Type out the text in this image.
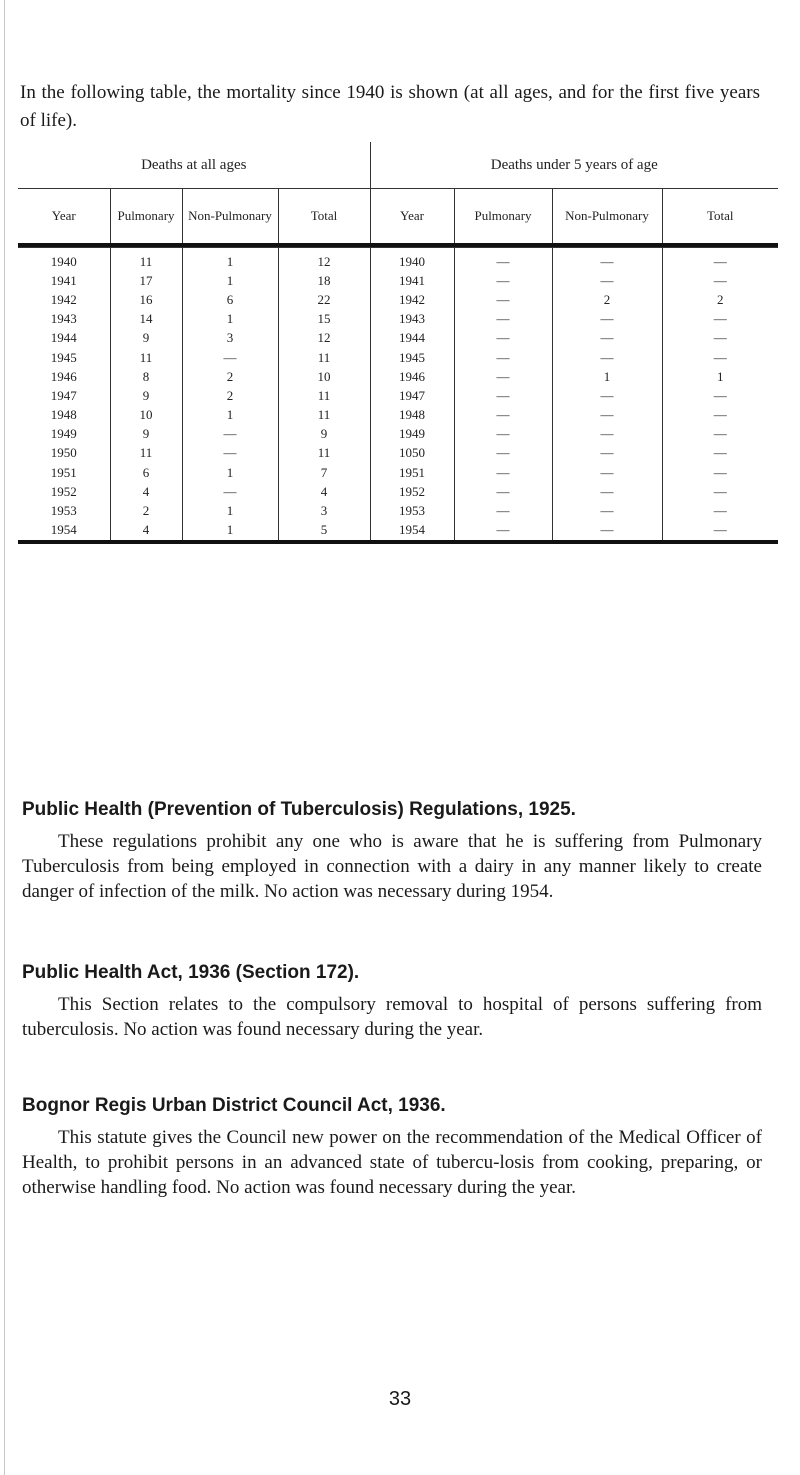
In the following table, the mortality since 1940 is shown (at all ages, and for the first five years of life).

Deaths at all ages				Deaths under 5 years of age			
Year	Pulmonary	Non-Pulmonary	Total	Year	Pulmonary	Non-Pulmonary	Total
1940	11	1	12	1940	—	—	—
1941	17	1	18	1941	—	—	—
1942	16	6	22	1942	—	2	2
1943	14	1	15	1943	—	—	—
1944	9	3	12	1944	—	—	—
1945	11	—	11	1945	—	—	—
1946	8	2	10	1946	—	1	1
1947	9	2	11	1947	—	—	—
1948	10	1	11	1948	—	—	—
1949	9	—	9	1949	—	—	—
1950	11	—	11	1050	—	—	—
1951	6	1	7	1951	—	—	—
1952	4	—	4	1952	—	—	—
1953	2	1	3	1953	—	—	—
1954	4	1	5	1954	—	—	—
Public Health (Prevention of Tuberculosis) Regulations, 1925.

These regulations prohibit any one who is aware that he is suffering from Pulmonary Tuberculosis from being employed in connection with a dairy in any manner likely to create danger of infection of the milk. No action was necessary during 1954.

Public Health Act, 1936 (Section 172).

This Section relates to the compulsory removal to hospital of persons suffering from tuberculosis. No action was found necessary during the year.

Bognor Regis Urban District Council Act, 1936.

This statute gives the Council new power on the recommendation of the Medical Officer of Health, to prohibit persons in an advanced state of tubercu-losis from cooking, preparing, or otherwise handling food. No action was found necessary during the year.

33
